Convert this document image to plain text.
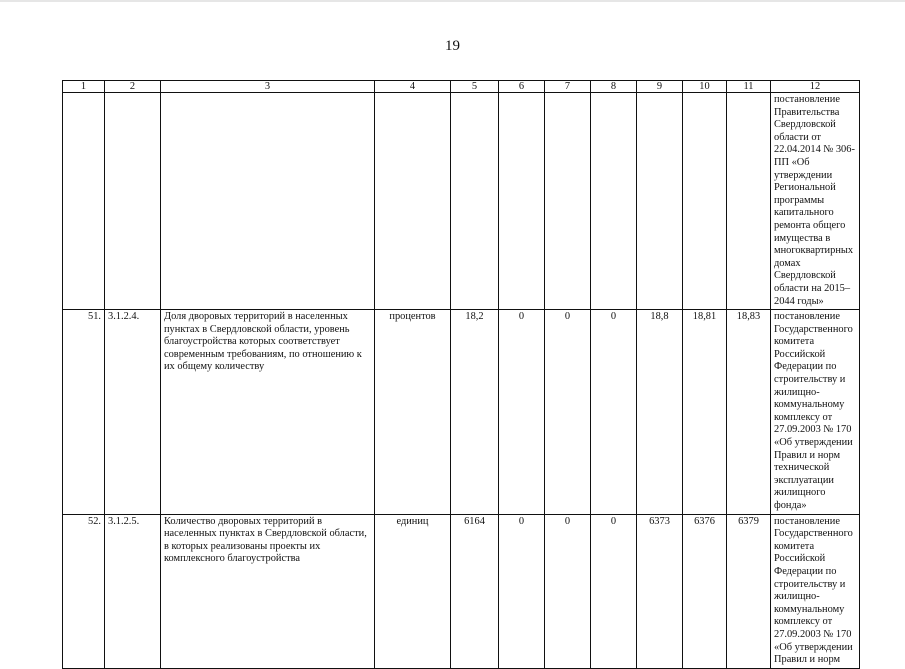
19
1	2	3	4	5	6	7	8	9	10	11	12
											постановление Правительства Свердловской области от 22.04.2014 № 306-ПП «Об утверждении Региональной программы капитального ремонта общего имущества в многоквартирных домах Свердловской области на 2015–2044 годы»
51.	3.1.2.4.	Доля дворовых территорий в населенных пунктах в Свердловской области, уровень благоустройства которых соответствует современным требованиям, по отношению к их общему количеству	процентов	18,2	0	0	0	18,8	18,81	18,83	постановление Государственного комитета Российской Федерации по строительству и жилищно-коммунальному комплексу от 27.09.2003 № 170 «Об утверждении Правил и норм технической эксплуатации жилищного фонда»
52.	3.1.2.5.	Количество дворовых территорий в населенных пунктах в Свердловской области, в которых реализованы проекты их комплексного благоустройства	единиц	6164	0	0	0	6373	6376	6379	постановление Государственного комитета Российской Федерации по строительству и жилищно-коммунальному комплексу от 27.09.2003 № 170 «Об утверждении Правил и норм
